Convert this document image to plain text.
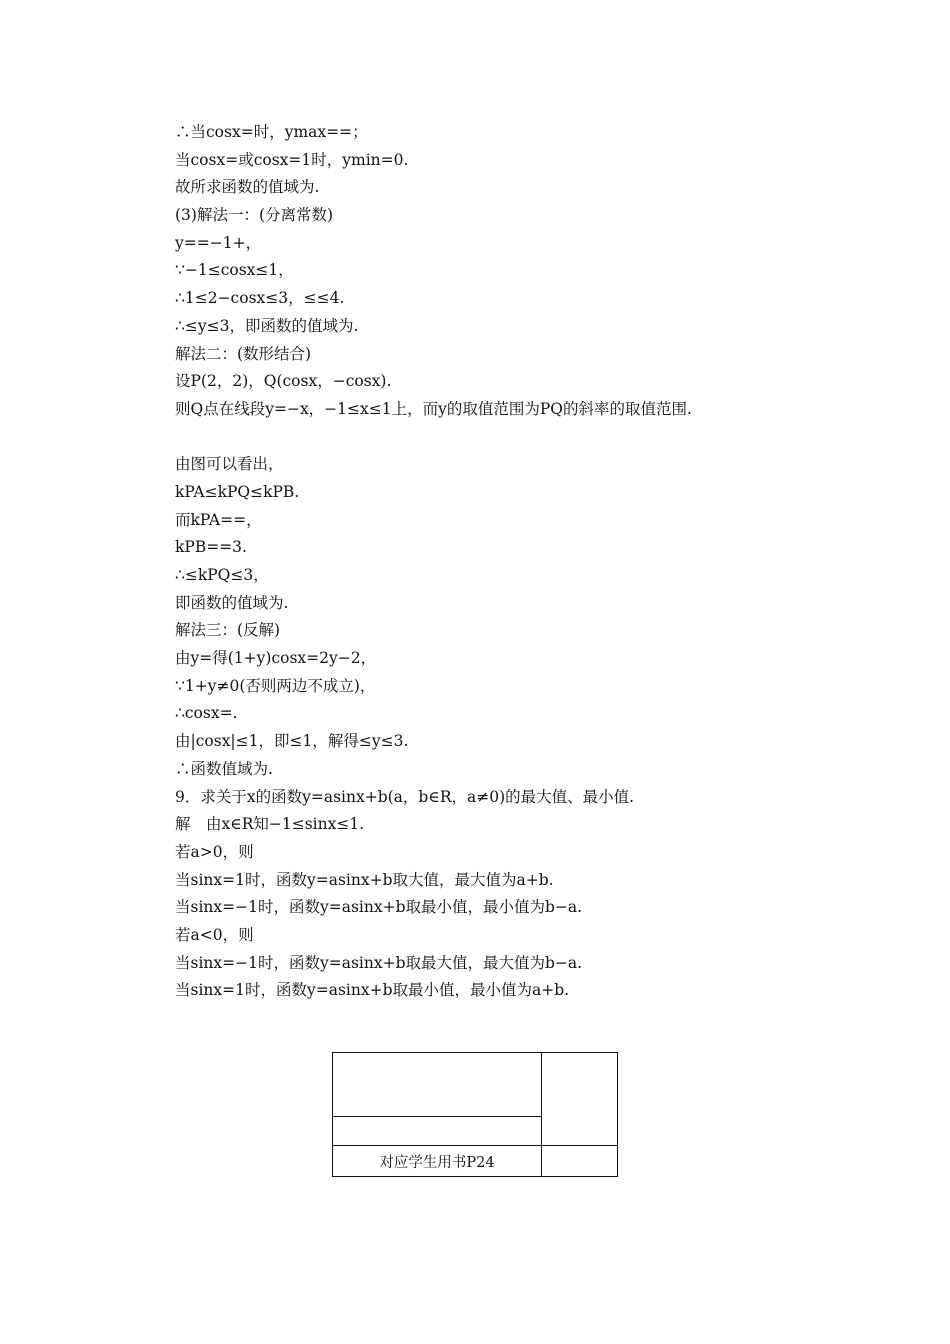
∴当cosx=时，ymax==；
当cosx=或cosx=1时，ymin=0.
故所求函数的值域为.
(3)解法一：(分离常数)
y==−1+，
∵−1≤cosx≤1，
∴1≤2−cosx≤3，≤≤4.
∴≤y≤3，即函数的值域为.
解法二：(数形结合)
设P(2，2)，Q(cosx，−cosx).
则Q点在线段y=−x，−1≤x≤1上，而y的取值范围为PQ的斜率的取值范围.
由图可以看出，
kPA≤kPQ≤kPB.
而kPA==，
kPB==3.
∴≤kPQ≤3，
即函数的值域为.
解法三：(反解)
由y=得(1+y)cosx=2y−2，
∵1+y≠0(否则两边不成立)，
∴cosx=.
由|cosx|≤1，即≤1，解得≤y≤3.
∴函数值域为.
9．求关于x的函数y=asinx+b(a，b∈R，a≠0)的最大值、最小值.
解　由x∈R知−1≤sinx≤1.
若a>0，则
当sinx=1时，函数y=asinx+b取大值，最大值为a+b.
当sinx=−1时，函数y=asinx+b取最小值，最小值为b−a.
若a<0，则
当sinx=−1时，函数y=asinx+b取最大值，最大值为b−a.
当sinx=1时，函数y=asinx+b取最小值，最小值为a+b.

对应学生用书P24	
